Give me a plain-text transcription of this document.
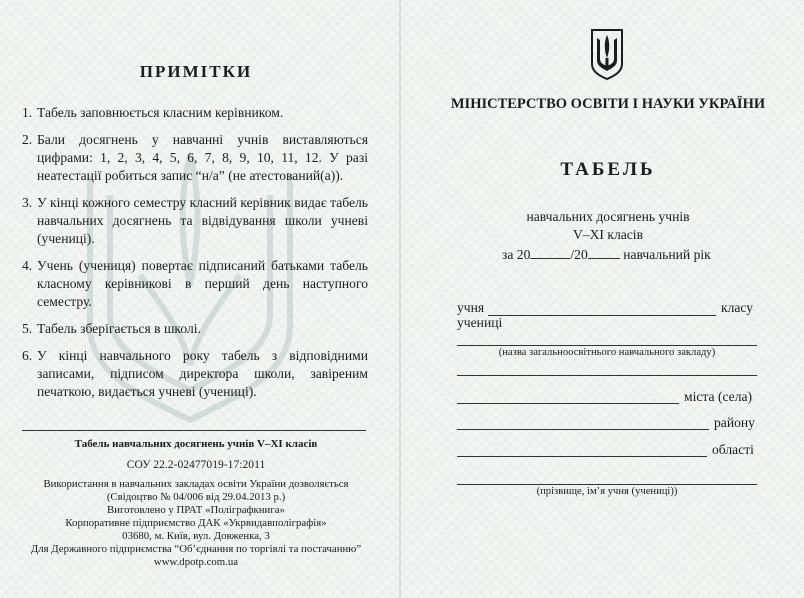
ПРИМІТКИ
1. Табель заповнюється класним керівником.
2. Бали досягнень у навчанні учнів виставляються цифрами: 1, 2, 3, 4, 5, 6, 7, 8, 9, 10, 11, 12. У разі неатестації робиться запис “н/а” (не атестований(а)).
3. У кінці кожного семестру класний керівник видає табель навчальних досягнень та відвідування школи учневі (учениці).
4. Учень (учениця) повертає підписаний батьками табель класному керівникові в перший день наступного семестру.
5. Табель зберігається в школі.
6. У кінці навчального року табель з відповідними записами, підписом директора школи, завіреним печаткою, видається учневі (учениці).
Табель навчальних досягнень учнів V–XI класів
СОУ 22.2-02477019-17:2011
Використання в навчальних закладах освіти України дозволяється
(Свідоцтво № 04/006 від 29.04.2013 р.)
Виготовлено у ПРАТ «Поліграфкнига»
Корпоративне підприємство ДАК «Укрвидавполіграфія»
03680, м. Київ, вул. Довженка, 3
Для Державного підприємства “Об’єднання по торгівлі та постачанню”
www.dpotp.com.ua
МІНІСТЕРСТВО ОСВІТИ І НАУКИ УКРАЇНИ
ТАБЕЛЬ
навчальних досягнень учнів
V–XI класів
за 20	/20	навчальний рік
учня	класу
учениці
(назва загальноосвітнього навчального закладу)
міста (села)
району
області
(прізвище, ім’я учня (учениці))
